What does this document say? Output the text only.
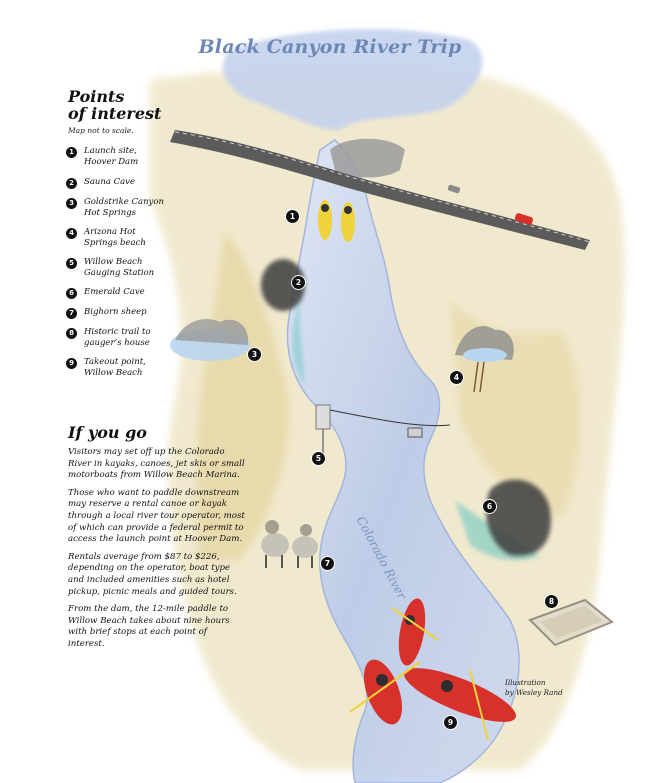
Black Canyon River Trip
Points
of interest
Map not to scale.
1	Launch site,
Hoover Dam
2	Sauna Cave
3	Goldstrike Canyon
Hot Springs
4	Arizona Hot
Springs beach
5	Willow Beach
Gauging Station
6	Emerald Cave
7	Bighorn sheep
8	Historic trail to
gauger’s house
9	Takeout point,
Willow Beach
If you go

Visitors may set off up the Colorado River in kayaks, canoes, jet skis or small motorboats from Willow Beach Marina.

Those who want to paddle downstream may reserve a rental canoe or kayak through a local river tour operator, most of which can provide a federal permit to access the launch point at Hoover Dam.

Rentals average from $87 to $226, depending on the operator, boat type and included amenities such as hotel pickup, picnic meals and guided tours.

From the dam, the 12-mile paddle to Willow Beach takes about nine hours with brief stops at each point of interest.

Colorado River
Illustration
by Wesley Rand
1
2
3
4
5
6
7
8
9
